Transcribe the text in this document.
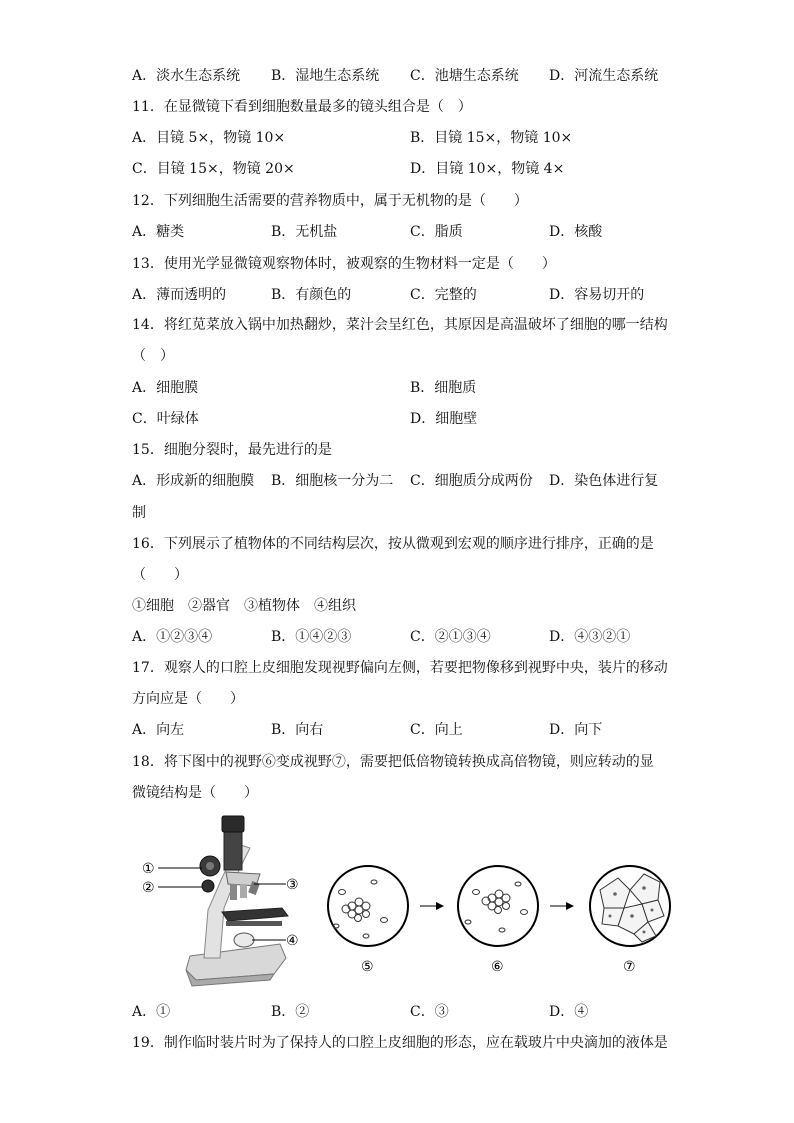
A．淡水生态系统 B．湿地生态系统 C．池塘生态系统 D．河流生态系统
11．在显微镜下看到细胞数量最多的镜头组合是（　）
A．目镜 5×，物镜 10×	B．目镜 15×，物镜 10×
C．目镜 15×，物镜 20×	D．目镜 10×，物镜 4×
12．下列细胞生活需要的营养物质中，属于无机物的是（　　）
A．糖类	B．无机盐	C．脂质	D．核酸
13．使用光学显微镜观察物体时，被观察的生物材料一定是（　　）
A．薄而透明的	B．有颜色的	C．完整的	D．容易切开的
14．将红苋菜放入锅中加热翻炒，菜汁会呈红色，其原因是高温破坏了细胞的哪一结构
（　）
A．细胞膜	B．细胞质
C．叶绿体	D．细胞壁
15．细胞分裂时，最先进行的是
A．形成新的细胞膜 B．细胞核一分为二 C．细胞质分成两份 D．染色体进行复
制
16．下列展示了植物体的不同结构层次，按从微观到宏观的顺序进行排序，正确的是
（　　）
①细胞　②器官　③植物体　④组织
A．①②③④	B．①④②③	C．②①③④	D．④③②①
17．观察人的口腔上皮细胞发现视野偏向左侧，若要把物像移到视野中央，装片的移动
方向应是（　　）
A．向左	B．向右	C．向上	D．向下
18．将下图中的视野⑥变成视野⑦，需要把低倍物镜转换成高倍物镜，则应转动的显
微镜结构是（　　）
A．①	B．②	C．③	D．④
19．制作临时装片时为了保持人的口腔上皮细胞的形态，应在载玻片中央滴加的液体是
①
②	③
④
⑤	⑥	⑦
